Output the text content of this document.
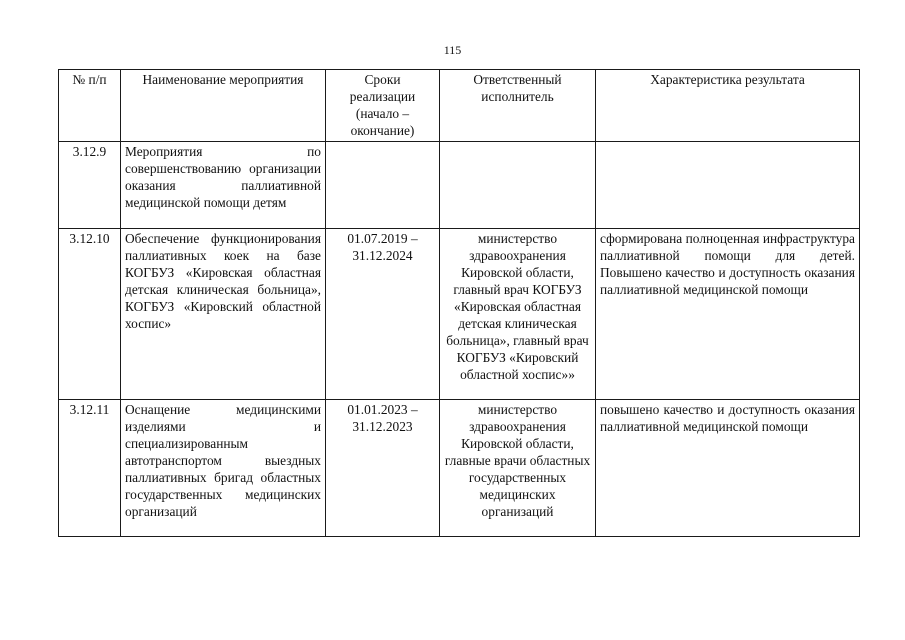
115
№ п/п	Наименование мероприятия	Сроки
реализации
(начало –
окончание)	Ответственный
исполнитель	Характеристика результата

3.12.9	Мероприятия по совершенствованию организации оказания паллиативной медицинской помощи детям			
3.12.10	Обеспечение функционирования паллиативных коек на базе КОГБУЗ «Кировская областная детская клиническая больница», КОГБУЗ «Кировский областной хоспис»	01.07.2019 –
31.12.2024	министерство здравоохранения Кировской области, главный врач КОГБУЗ «Кировская областная детская клиническая больница», главный врач КОГБУЗ «Кировский областной хоспис»»	сформирована полноценная инфраструктура паллиативной помощи для детей. Повышено качество и доступность оказания паллиативной медицинской помощи
3.12.11	Оснащение медицинскими изделиями и специализированным автотранспортом выездных паллиативных бригад областных государственных медицинских организаций	01.01.2023 –
31.12.2023	министерство здравоохранения Кировской области, главные врачи областных государственных медицинских организаций	повышено качество и доступность оказания паллиативной медицинской помощи
